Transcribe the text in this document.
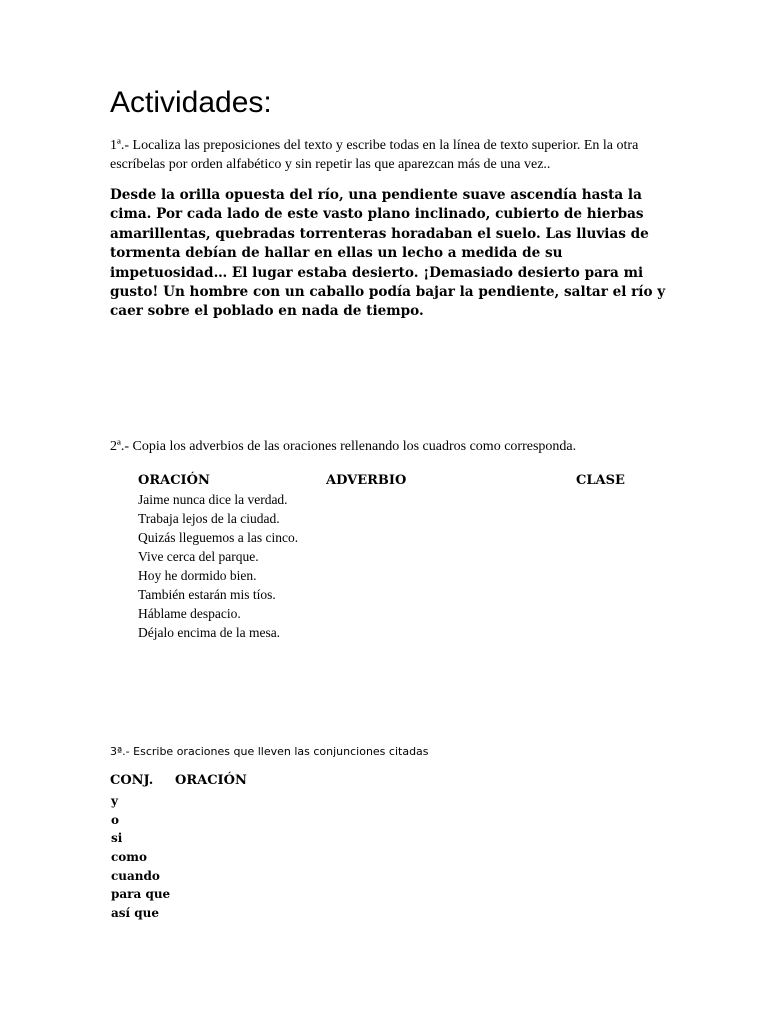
Actividades:
1ª.- Localiza las preposiciones del texto y escribe todas en la línea de texto superior. En la otra escríbelas por orden alfabético y sin repetir las que aparezcan más de una vez..
Desde la orilla opuesta del río, una pendiente suave ascendía hasta la cima. Por cada lado de este vasto plano inclinado, cubierto de hierbas amarillentas, quebradas torrenteras horadaban el suelo. Las lluvias de tormenta debían de hallar en ellas un lecho a medida de su impetuosidad… El lugar estaba desierto. ¡Demasiado desierto para mi gusto! Un hombre con un caballo podía bajar la pendiente, saltar el río y caer sobre el poblado en nada de tiempo.
2ª.- Copia los adverbios de las oraciones rellenando los cuadros como corresponda.
ORACIÓN	ADVERBIO	CLASE
Jaime nunca dice la verdad.
Trabaja lejos de la ciudad.
Quizás lleguemos a las cinco.
Vive cerca del parque.
Hoy he dormido bien.
También estarán mis tíos.
Háblame despacio.
Déjalo encima de la mesa.
3ª.- Escribe oraciones que lleven las conjunciones citadas
CONJ. ORACIÓN
y
o
si
como
cuando
para que
así que
